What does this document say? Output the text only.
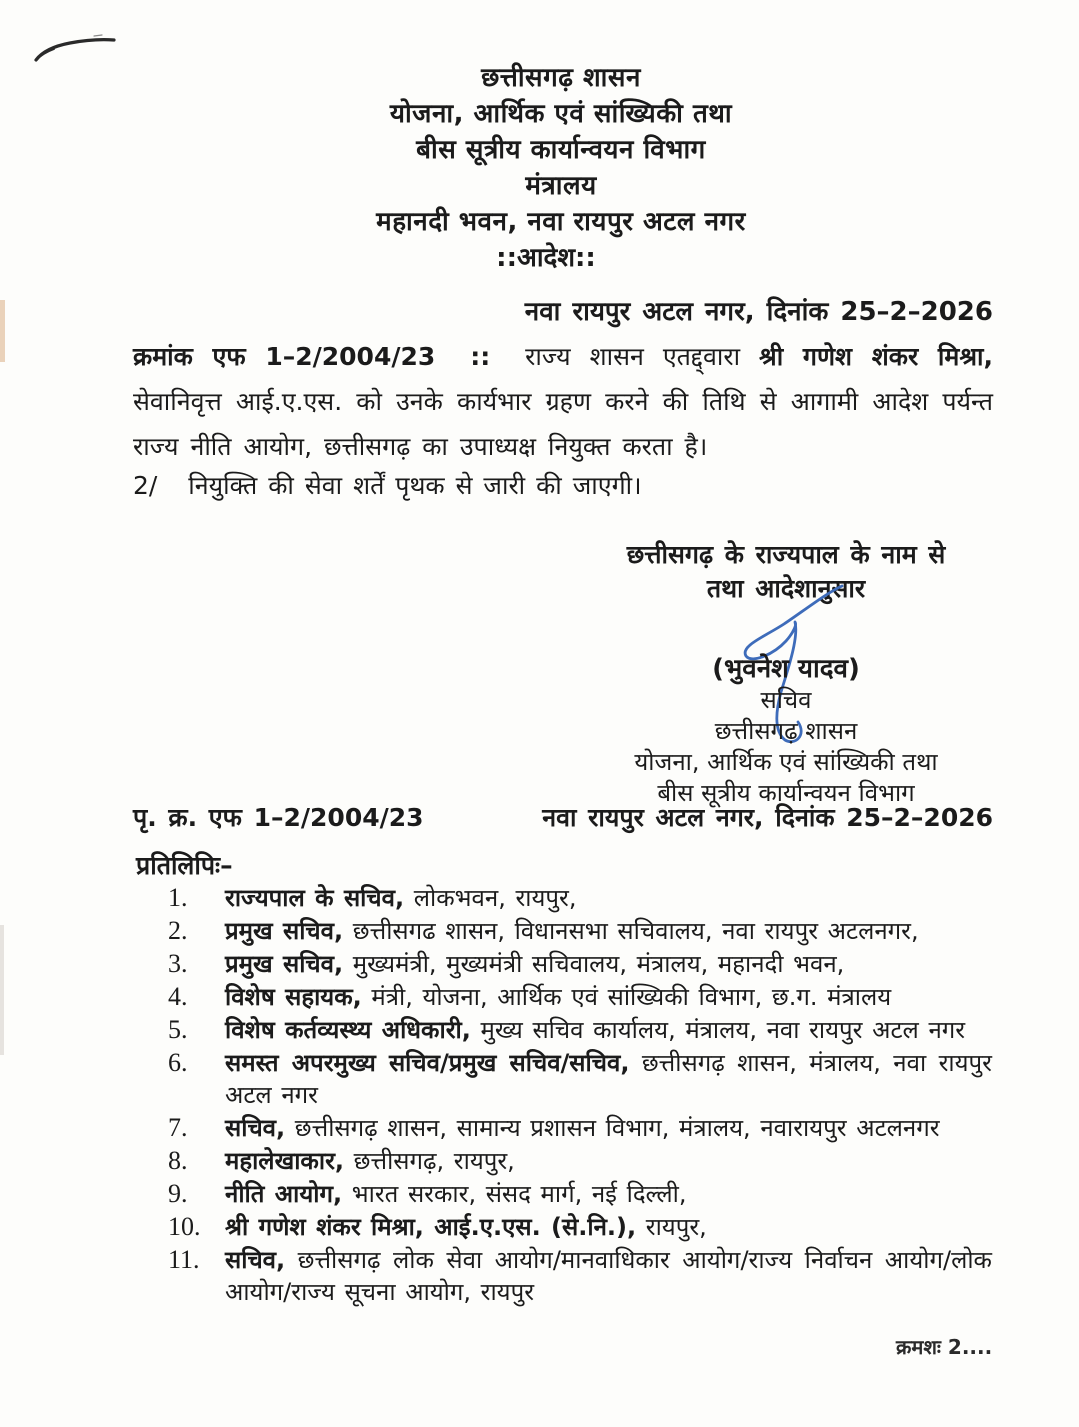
छत्तीसगढ़ शासन
योजना, आर्थिक एवं सांख्यिकी तथा
बीस सूत्रीय कार्यान्वयन विभाग
मंत्रालय
महानदी भवन, नवा रायपुर अटल नगर
::आदेश::
नवा रायपुर अटल नगर, दिनांक 25–2–2026

क्रमांक एफ 1–2/2004/23 :: राज्य शासन एतद्द्वारा श्री गणेश शंकर मिश्रा, सेवानिवृत्त आई.ए.एस. को उनके कार्यभार ग्रहण करने की तिथि से आगामी आदेश पर्यन्त राज्य नीति आयोग, छत्तीसगढ़ का उपाध्यक्ष नियुक्त करता है।

2/ नियुक्ति की सेवा शर्तें पृथक से जारी की जाएगी।
छत्तीसगढ़ के राज्यपाल के नाम से
तथा आदेशानुसार
(भुवनेश यादव)
सचिव
छत्तीसगढ़ शासन
योजना, आर्थिक एवं सांख्यिकी तथा
बीस सूत्रीय कार्यान्वयन विभाग
पृ. क्र. एफ 1–2/2004/23	नवा रायपुर अटल नगर, दिनांक 25–2–2026
प्रतिलिपिः–
1.	राज्यपाल के सचिव, लोकभवन, रायपुर,
2.	प्रमुख सचिव, छत्तीसगढ शासन, विधानसभा सचिवालय, नवा रायपुर अटलनगर,
3.	प्रमुख सचिव, मुख्यमंत्री, मुख्यमंत्री सचिवालय, मंत्रालय, महानदी भवन,
4.	विशेष सहायक, मंत्री, योजना, आर्थिक एवं सांख्यिकी विभाग, छ.ग. मंत्रालय
5.	विशेष कर्तव्यस्थ्य अधिकारी, मुख्य सचिव कार्यालय, मंत्रालय, नवा रायपुर अटल नगर
6.	समस्त अपरमुख्य सचिव/प्रमुख सचिव/सचिव, छत्तीसगढ़ शासन, मंत्रालय, नवा रायपुर अटल नगर
7.	सचिव, छत्तीसगढ़ शासन, सामान्य प्रशासन विभाग, मंत्रालय, नवारायपुर अटलनगर
8.	महालेखाकार, छत्तीसगढ़, रायपुर,
9.	नीति आयोग, भारत सरकार, संसद मार्ग, नई दिल्ली,
10.	श्री गणेश शंकर मिश्रा, आई.ए.एस. (से.नि.), रायपुर,
11.	सचिव, छत्तीसगढ़ लोक सेवा आयोग/मानवाधिकार आयोग/राज्य निर्वाचन आयोग/लोक आयोग/राज्य सूचना आयोग, रायपुर
क्रमशः 2....
